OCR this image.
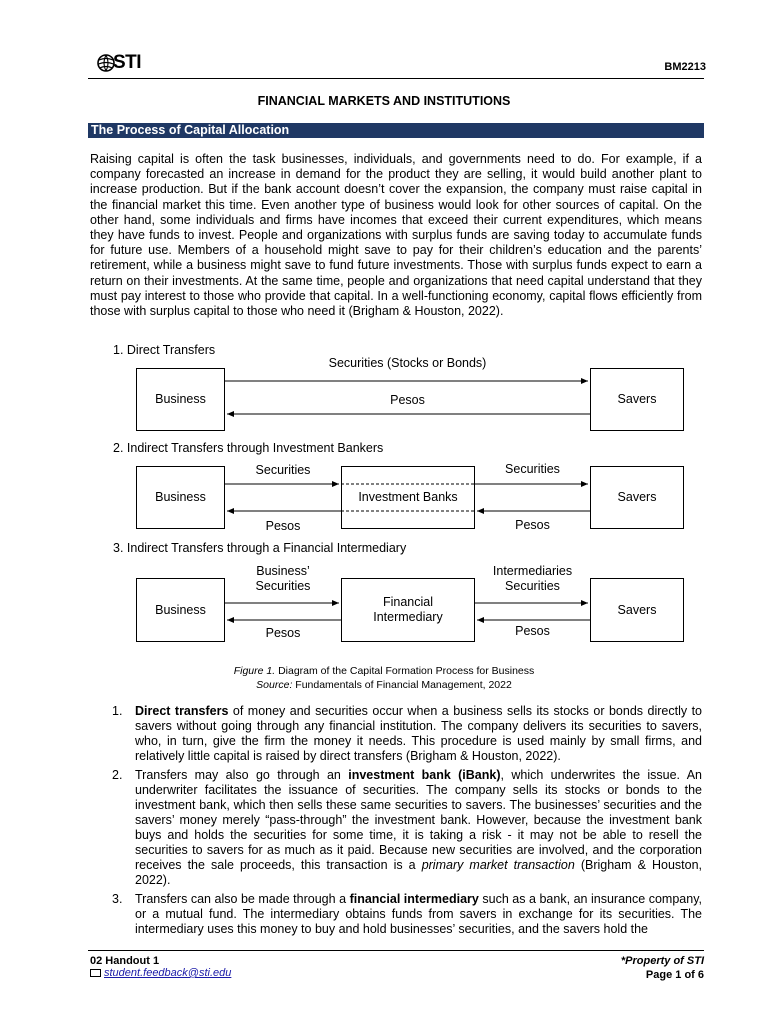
STI	BM2213
FINANCIAL MARKETS AND INSTITUTIONS
The Process of Capital Allocation
Raising capital is often the task businesses, individuals, and governments need to do. For example, if a company forecasted an increase in demand for the product they are selling, it would build another plant to increase production. But if the bank account doesn’t cover the expansion, the company must raise capital in the financial market this time. Even another type of business would look for other sources of capital. On the other hand, some individuals and firms have incomes that exceed their current expenditures, which means they have funds to invest. People and organizations with surplus funds are saving today to accumulate funds for future use. Members of a household might save to pay for their children’s education and the parents’ retirement, while a business might save to fund future investments. Those with surplus funds expect to earn a return on their investments. At the same time, people and organizations that need capital understand that they must pay interest to those who provide that capital. In a well-functioning economy, capital flows efficiently from those with surplus capital to those who need it (Brigham & Houston, 2022).
1. Direct Transfers
Business	Savers
Securities (Stocks or Bonds)
Pesos
2. Indirect Transfers through Investment Bankers
Business	Investment Banks	Savers
Securities	Securities
Pesos	Pesos
3. Indirect Transfers through a Financial Intermediary
Business
Financial
Intermediary
Savers
Business’
Securities
Intermediaries
Securities
Pesos	Pesos
Figure 1. Diagram of the Capital Formation Process for Business
Source: Fundamentals of Financial Management, 2022
1. Direct transfers of money and securities occur when a business sells its stocks or bonds directly to savers without going through any financial institution. The company delivers its securities to savers, who, in turn, give the firm the money it needs. This procedure is used mainly by small firms, and relatively little capital is raised by direct transfers (Brigham & Houston, 2022).
2. Transfers may also go through an investment bank (iBank), which underwrites the issue. An underwriter facilitates the issuance of securities. The company sells its stocks or bonds to the investment bank, which then sells these same securities to savers. The businesses’ securities and the savers’ money merely “pass-through” the investment bank. However, because the investment bank buys and holds the securities for some time, it is taking a risk - it may not be able to resell the securities to savers for as much as it paid. Because new securities are involved, and the corporation receives the sale proceeds, this transaction is a primary market transaction (Brigham & Houston, 2022).
3. Transfers can also be made through a financial intermediary such as a bank, an insurance company, or a mutual fund. The intermediary obtains funds from savers in exchange for its securities. The intermediary uses this money to buy and hold businesses’ securities, and the savers hold the
02 Handout 1
student.feedback@sti.edu
*Property of STI
Page 1 of 6
